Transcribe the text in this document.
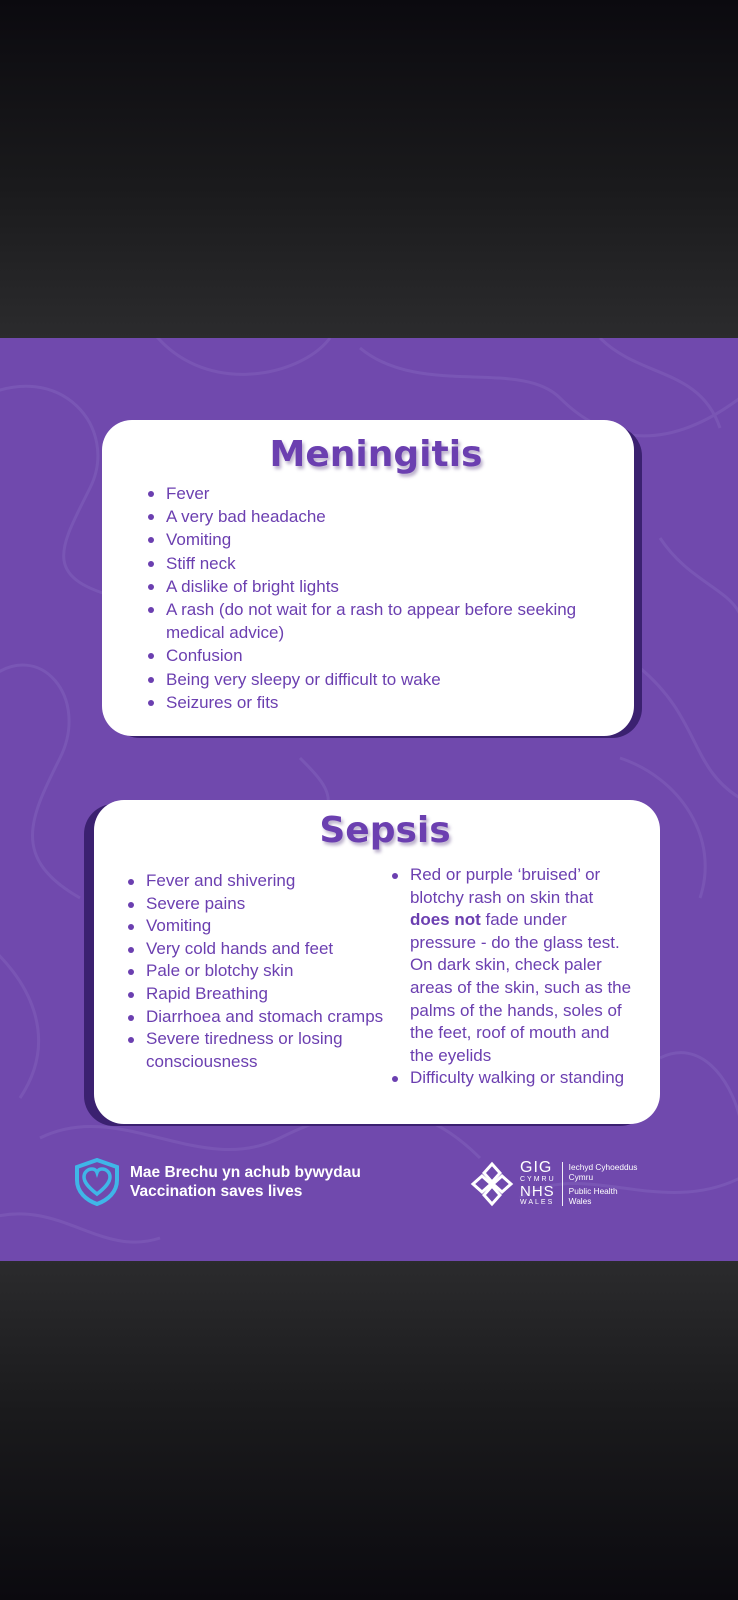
Meningitis
Fever
A very bad headache
Vomiting
Stiff neck
A dislike of bright lights
A rash (do not wait for a rash to appear before seeking medical advice)
Confusion
Being very sleepy or difficult to wake
Seizures or fits
Sepsis
Fever and shivering
Severe pains
Vomiting
Very cold hands and feet
Pale or blotchy skin
Rapid Breathing
Diarrhoea and stomach cramps
Severe tiredness or losing consciousness
Red or purple ‘bruised’ or blotchy rash on skin that does not fade under pressure - do the glass test. On dark skin, check paler areas of the skin, such as the palms of the hands, soles of the feet, roof of mouth and the eyelids
Difficulty walking or standing
Mae Brechu yn achub bywydau
Vaccination saves lives
GIG
CYMRU
NHS
WALES
Iechyd Cyhoeddus
Cymru
Public Health
Wales
